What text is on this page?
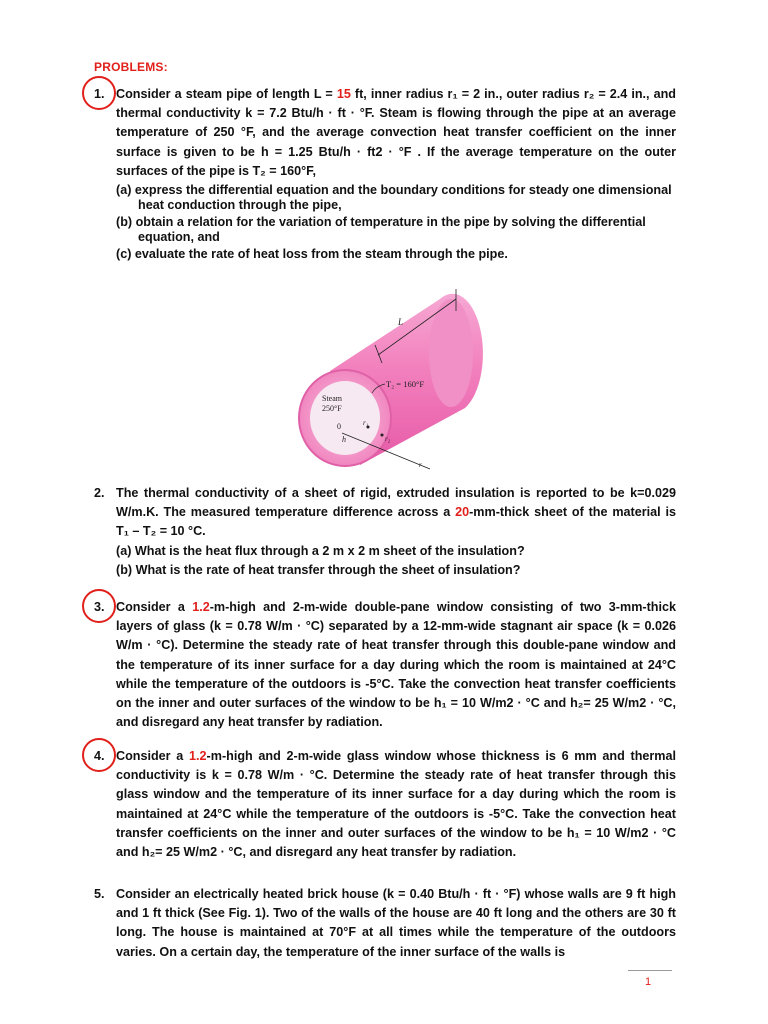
PROBLEMS:
1. Consider a steam pipe of length L = 15 ft, inner radius r₁ = 2 in., outer radius r₂ = 2.4 in., and thermal conductivity k = 7.2 Btu/h · ft · °F. Steam is flowing through the pipe at an average temperature of 250 °F, and the average convection heat transfer coefficient on the inner surface is given to be h = 1.25 Btu/h · ft2 · °F . If the average temperature on the outer surfaces of the pipe is T₂ = 160°F,
(a) express the differential equation and the boundary conditions for steady one dimensional heat conduction through the pipe,
(b) obtain a relation for the variation of temperature in the pipe by solving the differential equation, and
(c) evaluate the rate of heat loss from the steam through the pipe.
L
T₂ = 160°F
Steam
250°F
0
h
r₁
r₂
r
2. The thermal conductivity of a sheet of rigid, extruded insulation is reported to be k=0.029 W/m.K. The measured temperature difference across a 20-mm-thick sheet of the material is T₁ – T₂ = 10 °C.
(a) What is the heat flux through a 2 m x 2 m sheet of the insulation?
(b) What is the rate of heat transfer through the sheet of insulation?
3. Consider a 1.2-m-high and 2-m-wide double-pane window consisting of two 3-mm-thick layers of glass (k = 0.78 W/m · °C) separated by a 12-mm-wide stagnant air space (k = 0.026 W/m · °C). Determine the steady rate of heat transfer through this double-pane window and the temperature of its inner surface for a day during which the room is maintained at 24°C while the temperature of the outdoors is -5°C. Take the convection heat transfer coefficients on the inner and outer surfaces of the window to be h₁ = 10 W/m2 · °C and h₂= 25 W/m2 · °C, and disregard any heat transfer by radiation.
4. Consider a 1.2-m-high and 2-m-wide glass window whose thickness is 6 mm and thermal conductivity is k = 0.78 W/m · °C. Determine the steady rate of heat transfer through this glass window and the temperature of its inner surface for a day during which the room is maintained at 24°C while the temperature of the outdoors is -5°C. Take the convection heat transfer coefficients on the inner and outer surfaces of the window to be h₁ = 10 W/m2 · °C and h₂= 25 W/m2 · °C, and disregard any heat transfer by radiation.
5. Consider an electrically heated brick house (k = 0.40 Btu/h · ft · °F) whose walls are 9 ft high and 1 ft thick (See Fig. 1). Two of the walls of the house are 40 ft long and the others are 30 ft long. The house is maintained at 70°F at all times while the temperature of the outdoors varies. On a certain day, the temperature of the inner surface of the walls is
1
